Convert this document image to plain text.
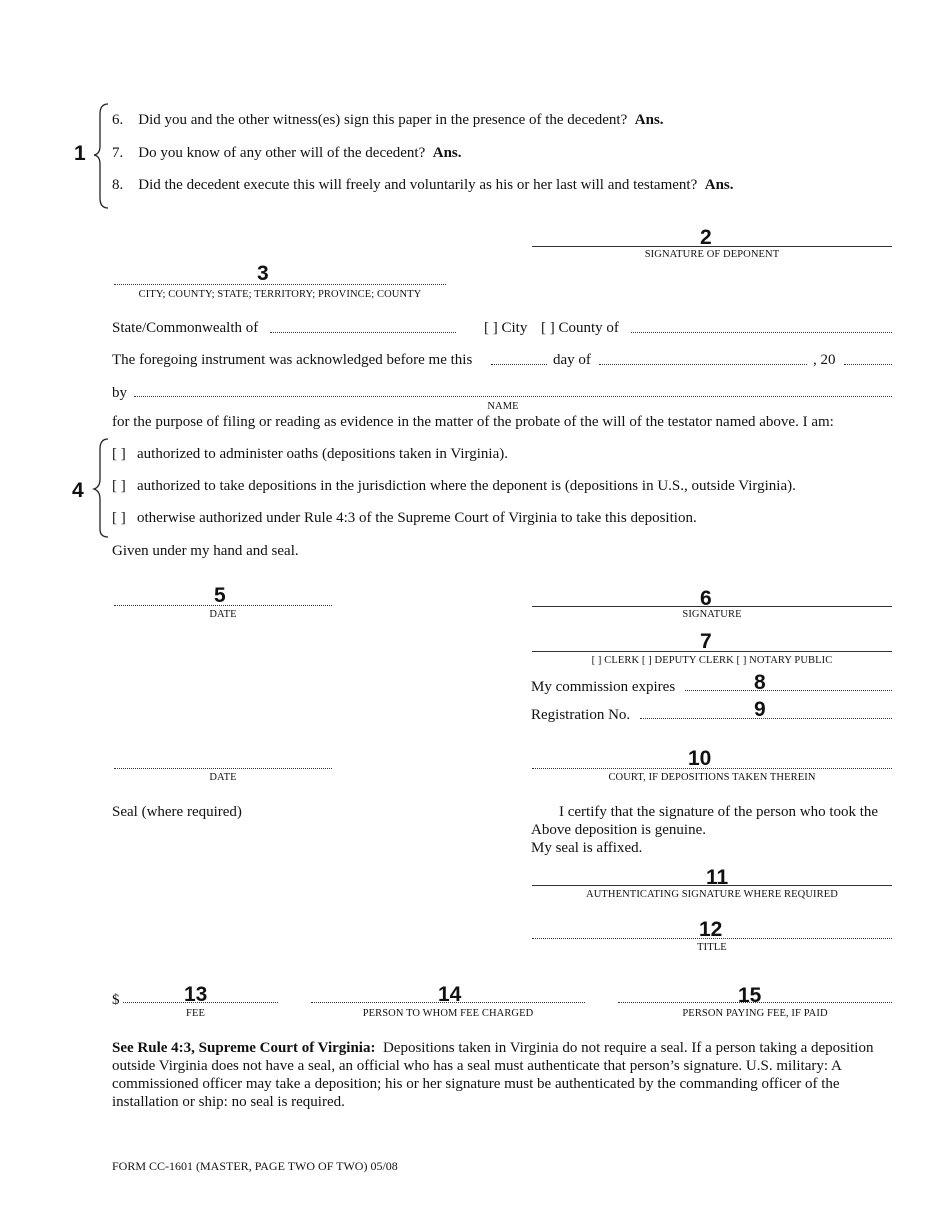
1
6. Did you and the other witness(es) sign this paper in the presence of the decedent? Ans.
7. Do you know of any other will of the decedent? Ans.
8. Did the decedent execute this will freely and voluntarily as his or her last will and testament? Ans.
2
SIGNATURE OF DEPONENT
3
CITY; COUNTY; STATE; TERRITORY; PROVINCE; COUNTY
State/Commonwealth of	[ ] City [ ] County of
The foregoing instrument was acknowledged before me this	day of	, 20
by
NAME
for the purpose of filing or reading as evidence in the matter of the probate of the will of the testator named above. I am:
4
[ ] authorized to administer oaths (depositions taken in Virginia).
[ ] authorized to take depositions in the jurisdiction where the deponent is (depositions in U.S., outside Virginia).
[ ] otherwise authorized under Rule 4:3 of the Supreme Court of Virginia to take this deposition.
Given under my hand and seal.
5
DATE
6
SIGNATURE
7
[ ] CLERK [ ] DEPUTY CLERK [ ] NOTARY PUBLIC
My commission expires	8
Registration No.	9
DATE
10
COURT, IF DEPOSITIONS TAKEN THEREIN
Seal (where required)	I certify that the signature of the person who took the
Above deposition is genuine.
My seal is affixed.
11
AUTHENTICATING SIGNATURE WHERE REQUIRED
12
TITLE
$	13
FEE
14
PERSON TO WHOM FEE CHARGED
15
PERSON PAYING FEE, IF PAID
See Rule 4:3, Supreme Court of Virginia: Depositions taken in Virginia do not require a seal. If a person taking a deposition outside Virginia does not have a seal, an official who has a seal must authenticate that person’s signature. U.S. military: A commissioned officer may take a deposition; his or her signature must be authenticated by the commanding officer of the installation or ship: no seal is required.
FORM CC-1601 (MASTER, PAGE TWO OF TWO) 05/08
